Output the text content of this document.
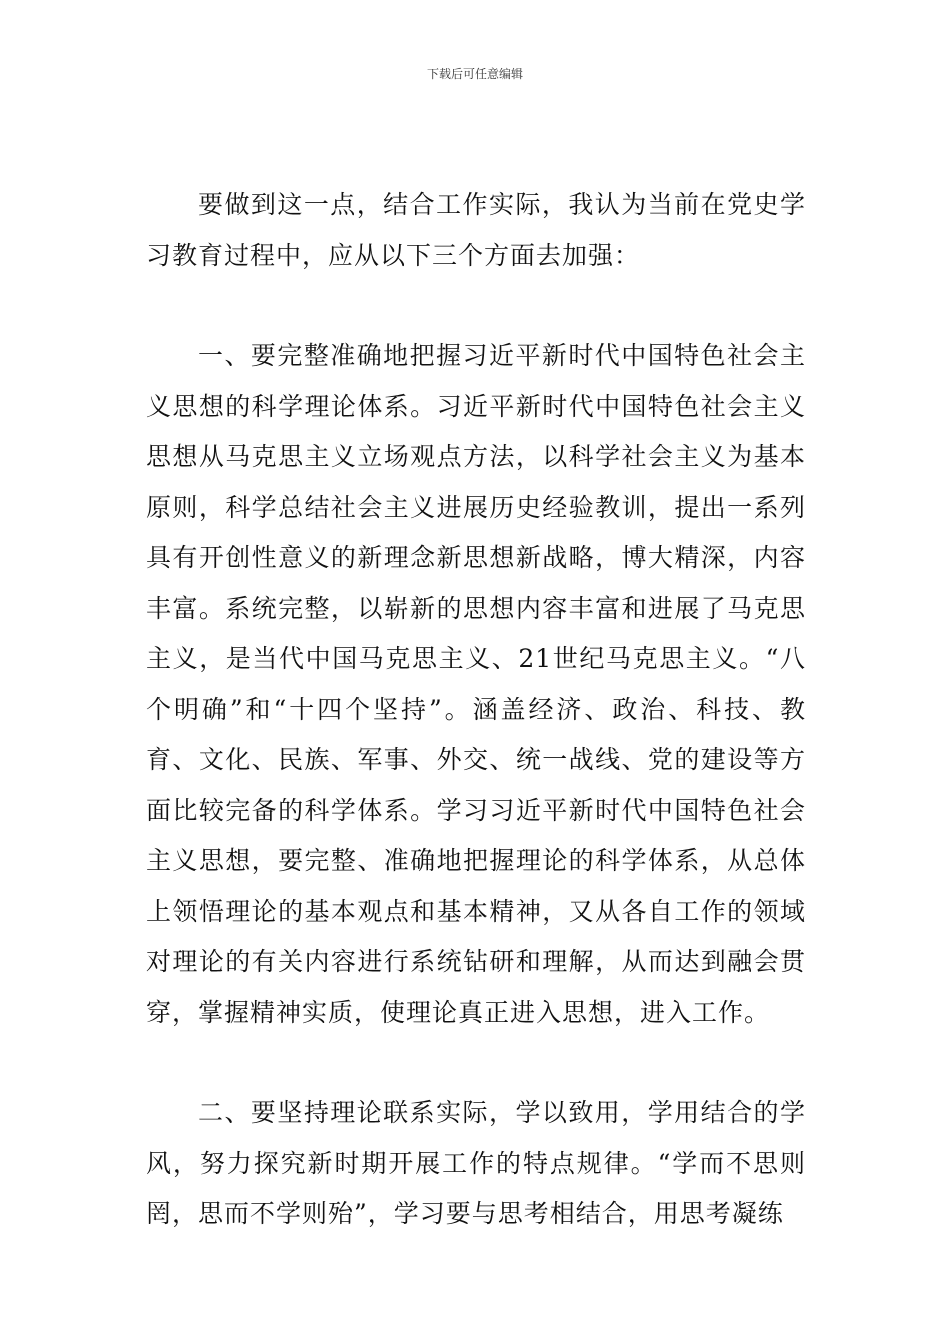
下载后可任意编辑

要做到这一点，结合工作实际，我认为当前在党史学习教育过程中，应从以下三个方面去加强：

一、要完整准确地把握习近平新时代中国特色社会主义思想的科学理论体系。习近平新时代中国特色社会主义思想从马克思主义立场观点方法，以科学社会主义为基本原则，科学总结社会主义进展历史经验教训，提出一系列具有开创性意义的新理念新思想新战略，博大精深，内容丰富。系统完整，以崭新的思想内容丰富和进展了马克思主义，是当代中国马克思主义、21世纪马克思主义。“八个明确”和“十四个坚持”。涵盖经济、政治、科技、教育、文化、民族、军事、外交、统一战线、党的建设等方面比较完备的科学体系。学习习近平新时代中国特色社会主义思想，要完整、准确地把握理论的科学体系，从总体上领悟理论的基本观点和基本精神，又从各自工作的领域对理论的有关内容进行系统钻研和理解，从而达到融会贯穿，掌握精神实质，使理论真正进入思想，进入工作。

二、要坚持理论联系实际，学以致用，学用结合的学风，努力探究新时期开展工作的特点规律。“学而不思则罔，思而不学则殆”，学习要与思考相结合，用思考凝练
